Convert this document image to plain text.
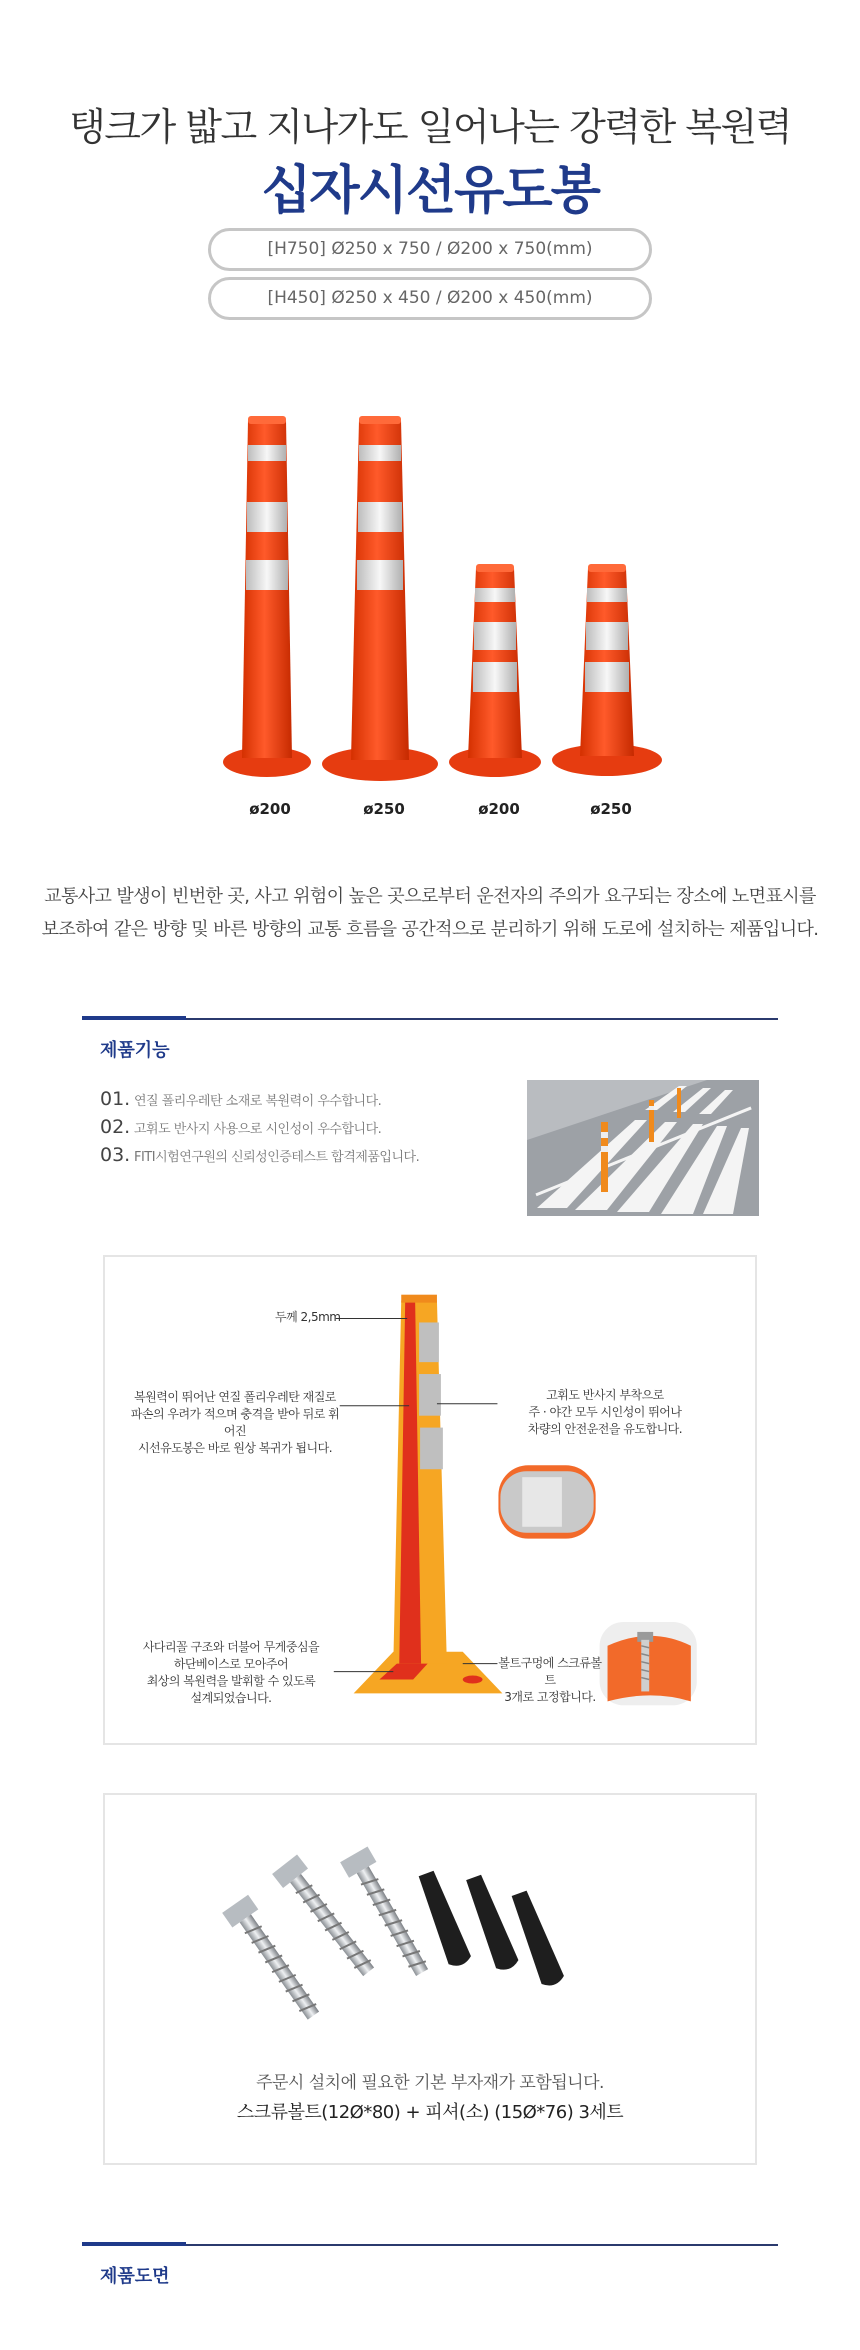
탱크가 밟고 지나가도 일어나는 강력한 복원력
십자시선유도봉
[H750] Ø250 x 750 / Ø200 x 750(mm)
[H450] Ø250 x 450 / Ø200 x 450(mm)
ø200	ø250	ø200	ø250

교통사고 발생이 빈번한 곳, 사고 위험이 높은 곳으로부터 운전자의 주의가 요구되는 장소에 노면표시를

보조하여 같은 방향 및 바른 방향의 교통 흐름을 공간적으로 분리하기 위해 도로에 설치하는 제품입니다.

제품기능
01. 연질 폴리우레탄 소재로 복원력이 우수합니다.
02. 고휘도 반사지 사용으로 시인성이 우수합니다.
03. FITI시험연구원의 신뢰성인증테스트 합격제품입니다.
두께 2,5mm
복원력이 뛰어난 연질 폴리우레탄 재질로
파손의 우려가 적으며 충격을 받아 뒤로 휘어진
시선유도봉은 바로 원상 복귀가 됩니다.
고휘도 반사지 부착으로
주 · 야간 모두 시인성이 뛰어나
차량의 안전운전을 유도합니다.
사다리꼴 구조와 더불어 무게중심을
하단베이스로 모아주어
최상의 복원력을 발휘할 수 있도록
설계되었습니다.
볼트구멍에 스크류볼트
3개로 고정합니다.
주문시 설치에 필요한 기본 부자재가 포함됩니다.
스크류볼트(12Ø*80) + 피셔(소) (15Ø*76) 3세트
제품도면
